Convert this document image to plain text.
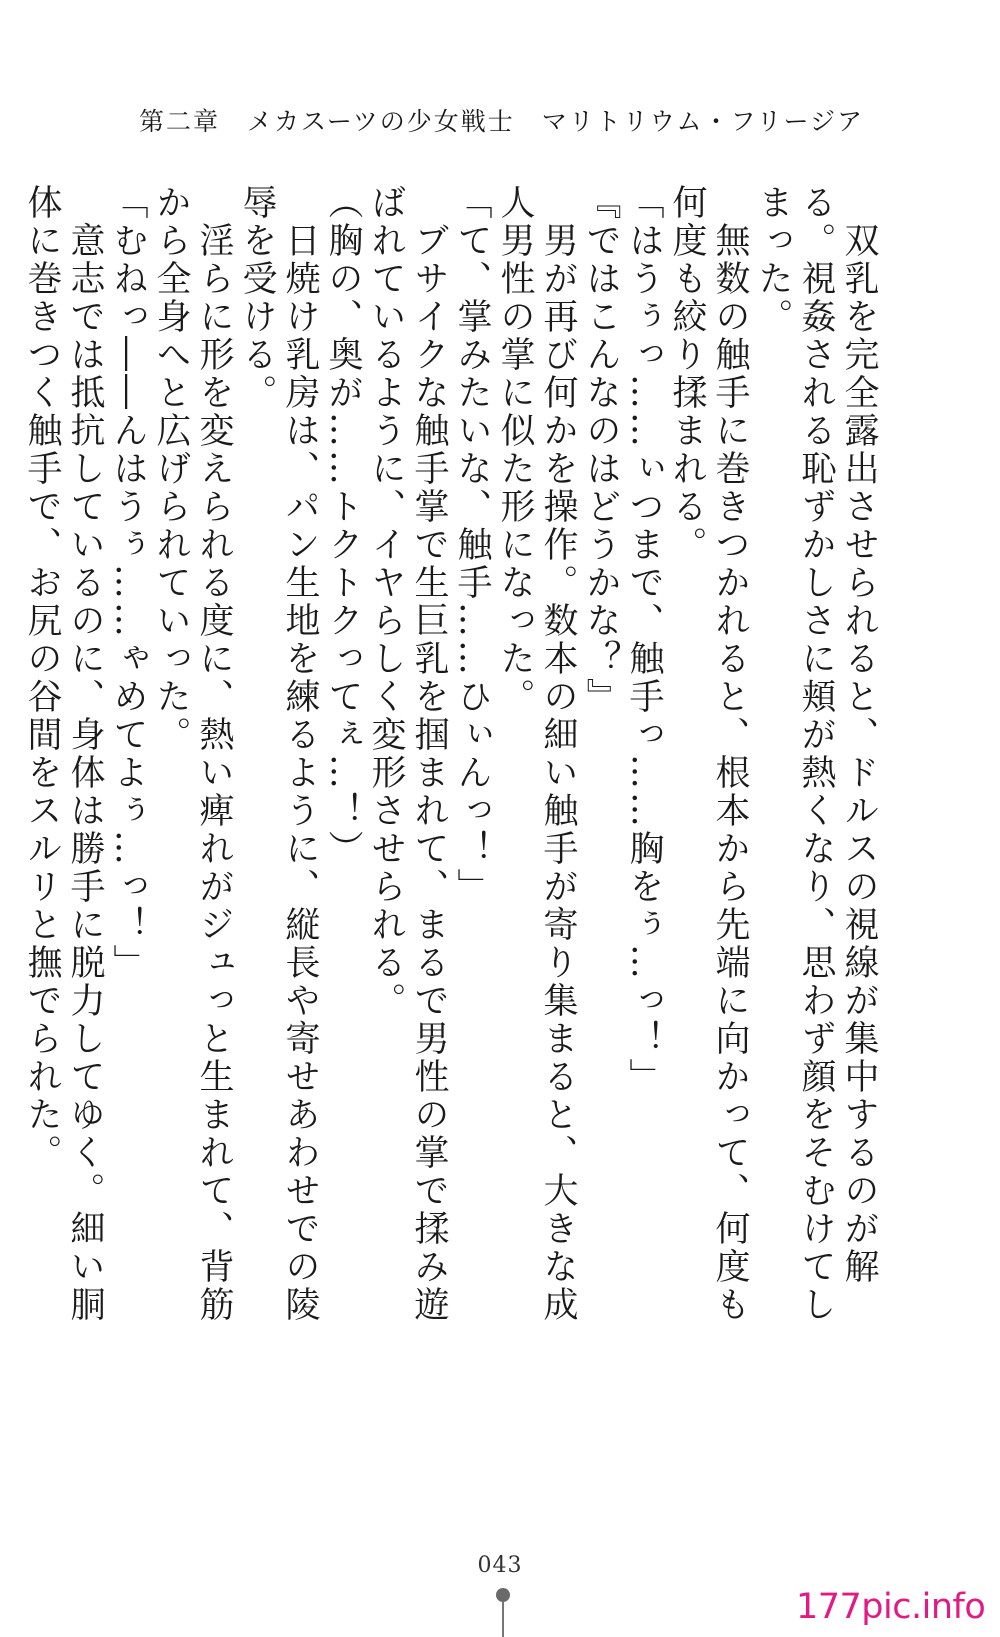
第二章　メカスーツの少女戦士　マリトリウム・フリージア

　双乳を完全露出させられると、ドルスの視線が集中するのが解る。視姦される恥ずかしさに頬が熱くなり、思わず顔をそむけてしまった。

　無数の触手に巻きつかれると、根本から先端に向かって、何度も何度も絞り揉まれる。

「はうぅっ……ぃつまで、触手っ……胸をぅ…っ！」

『ではこんなのはどうかな？』

　男が再び何かを操作。数本の細い触手が寄り集まると、大きな成人男性の掌に似た形になった。

「て、掌みたいな、触手……ひぃんっ！」

　ブサイクな触手掌で生巨乳を掴まれて、まるで男性の掌で揉み遊ばれているように、イヤらしく変形させられる。

（胸の、奥が……トクトクってぇ…！）

　日焼け乳房は、パン生地を練るように、縦長や寄せあわせでの陵辱を受ける。

　淫らに形を変えられる度に、熱い痺れがジュっと生まれて、背筋から全身へと広げられていった。

「むねっ――んはうぅ……ゃめてよぅ…っ！」

　意志では抵抗しているのに、身体は勝手に脱力してゆく。細い胴体に巻きつく触手で、お尻の谷間をスルリと撫でられた。

043
177pic.info
